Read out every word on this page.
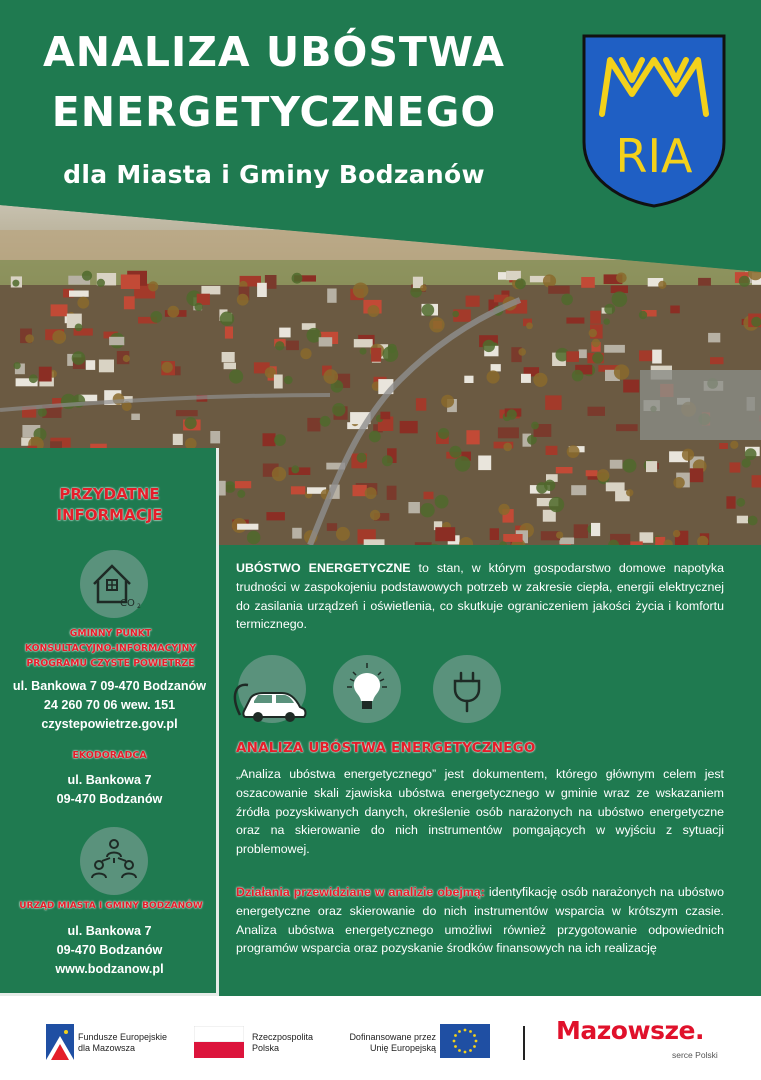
ANALIZA UBÓSTWA
ENERGETYCZNEGO
dla Miasta i Gminy Bodzanów	RIA
PRZYDATNE
INFORMACJE
CO 2
GMINNY PUNKT
KONSULTACYJNO-INFORMACYJNY
PROGRAMU CZYSTE POWIETRZE
ul. Bankowa 7 09-470 Bodzanów
24 260 70 06 wew. 151
czystepowietrze.gov.pl
EKODORADCA
ul. Bankowa 7
09-470 Bodzanów
URZĄD MIASTA I GMINY BODZANÓW
ul. Bankowa 7
09-470 Bodzanów
www.bodzanow.pl
UBÓSTWO ENERGETYCZNE to stan, w którym gospodarstwo domowe napotyka trudności w zaspokojeniu podstawowych potrzeb w zakresie ciepła, energii elektrycznej do zasilania urządzeń i oświetlenia, co skutkuje ograniczeniem jakości życia i komfortu termicznego.
ANALIZA UBÓSTWA ENERGETYCZNEGO
„Analiza ubóstwa energetycznego” jest dokumentem, którego głównym celem jest oszacowanie skali zjawiska ubóstwa energetycznego w gminie wraz ze wskazaniem źródła pozyskiwanych danych, określenie osób narażonych na ubóstwo energetyczne oraz na skierowanie do nich instrumentów pomgających w wyjściu z sytuacji problemowej.
Działania przewidziane w analizie obejmą: identyfikację osób narażonych na ubóstwo energetyczne oraz skierowanie do nich instrumentów wsparcia w krótszym czasie. Analiza ubóstwa energetycznego umożliwi również przygotowanie odpowiednich programów wsparcia oraz pozyskanie środków finansowych na ich realizację
Fundusze Europejskie
dla Mazowsza
Rzeczpospolita
Polska
Dofinansowane przez
Unię Europejską
Mazowsze.
serce Polski
